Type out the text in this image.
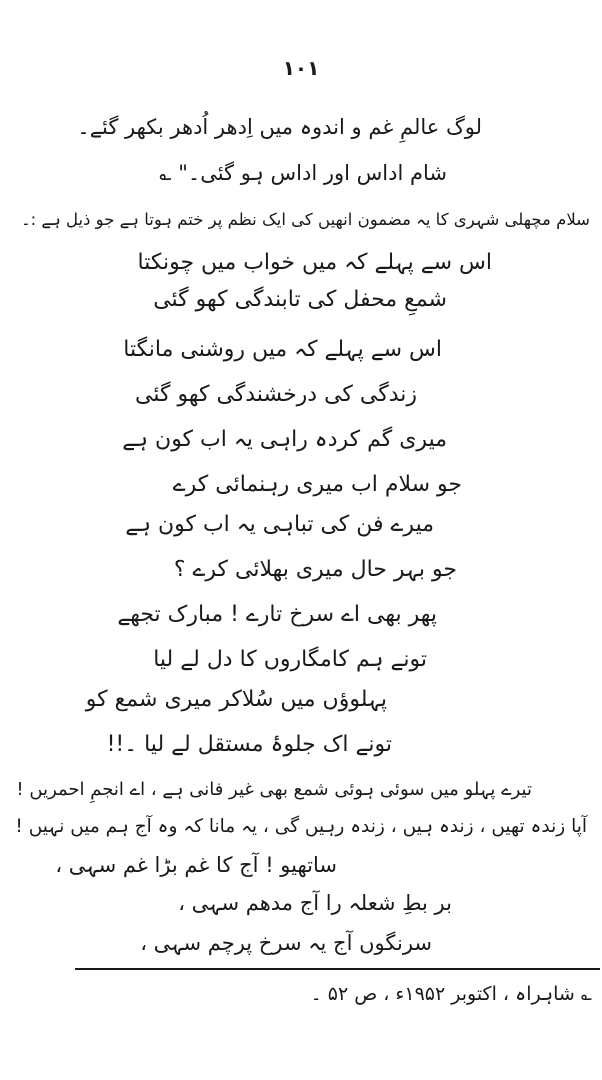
١٠١
لوگ عالمِ غم و اندوہ میں اِدھر اُدھر بکھر گئے۔
شام اداس اور اداس ہو گئی۔" ؎
سلام مچھلی شہری کا یہ مضمون انھیں کی ایک نظم پر ختم ہوتا ہے جو ذیل ہے :۔
اس سے پہلے کہ میں خواب میں چونکتا
شمعِ محفل کی تابندگی کھو گئی
اس سے پہلے کہ میں روشنی مانگتا
زندگی کی درخشندگی کھو گئی
میری گم کردہ راہی یہ اب کون ہے
جو سلام اب میری رہنمائی کرے
میرے فن کی تباہی یہ اب کون ہے
جو بہر حال میری بھلائی کرے ؟
پھر بھی اے سرخ تارے ! مبارک تجھے
تونے ہم کامگاروں کا دل لے لیا
پہلوؤں میں سُلاکر میری شمع کو
تونے اک جلوۂ مستقل لے لیا ۔!!
تیرے پہلو میں سوئی ہوئی شمع بھی غیر فانی ہے ، اے انجمِ احمریں !
آپا زندہ تھیں ، زندہ ہیں ، زندہ رہیں گی ، یہ مانا کہ وہ آج ہم میں نہیں !
ساتھیو ! آج کا غم بڑا غم سہی ،
بر بطِ شعلہ را آج مدھم سہی ،
سرنگوں آج یہ سرخ پرچم سہی ،
؎ شاہراہ ، اکتوبر ۱۹۵۲ء ، ص ۵۲ ۔
